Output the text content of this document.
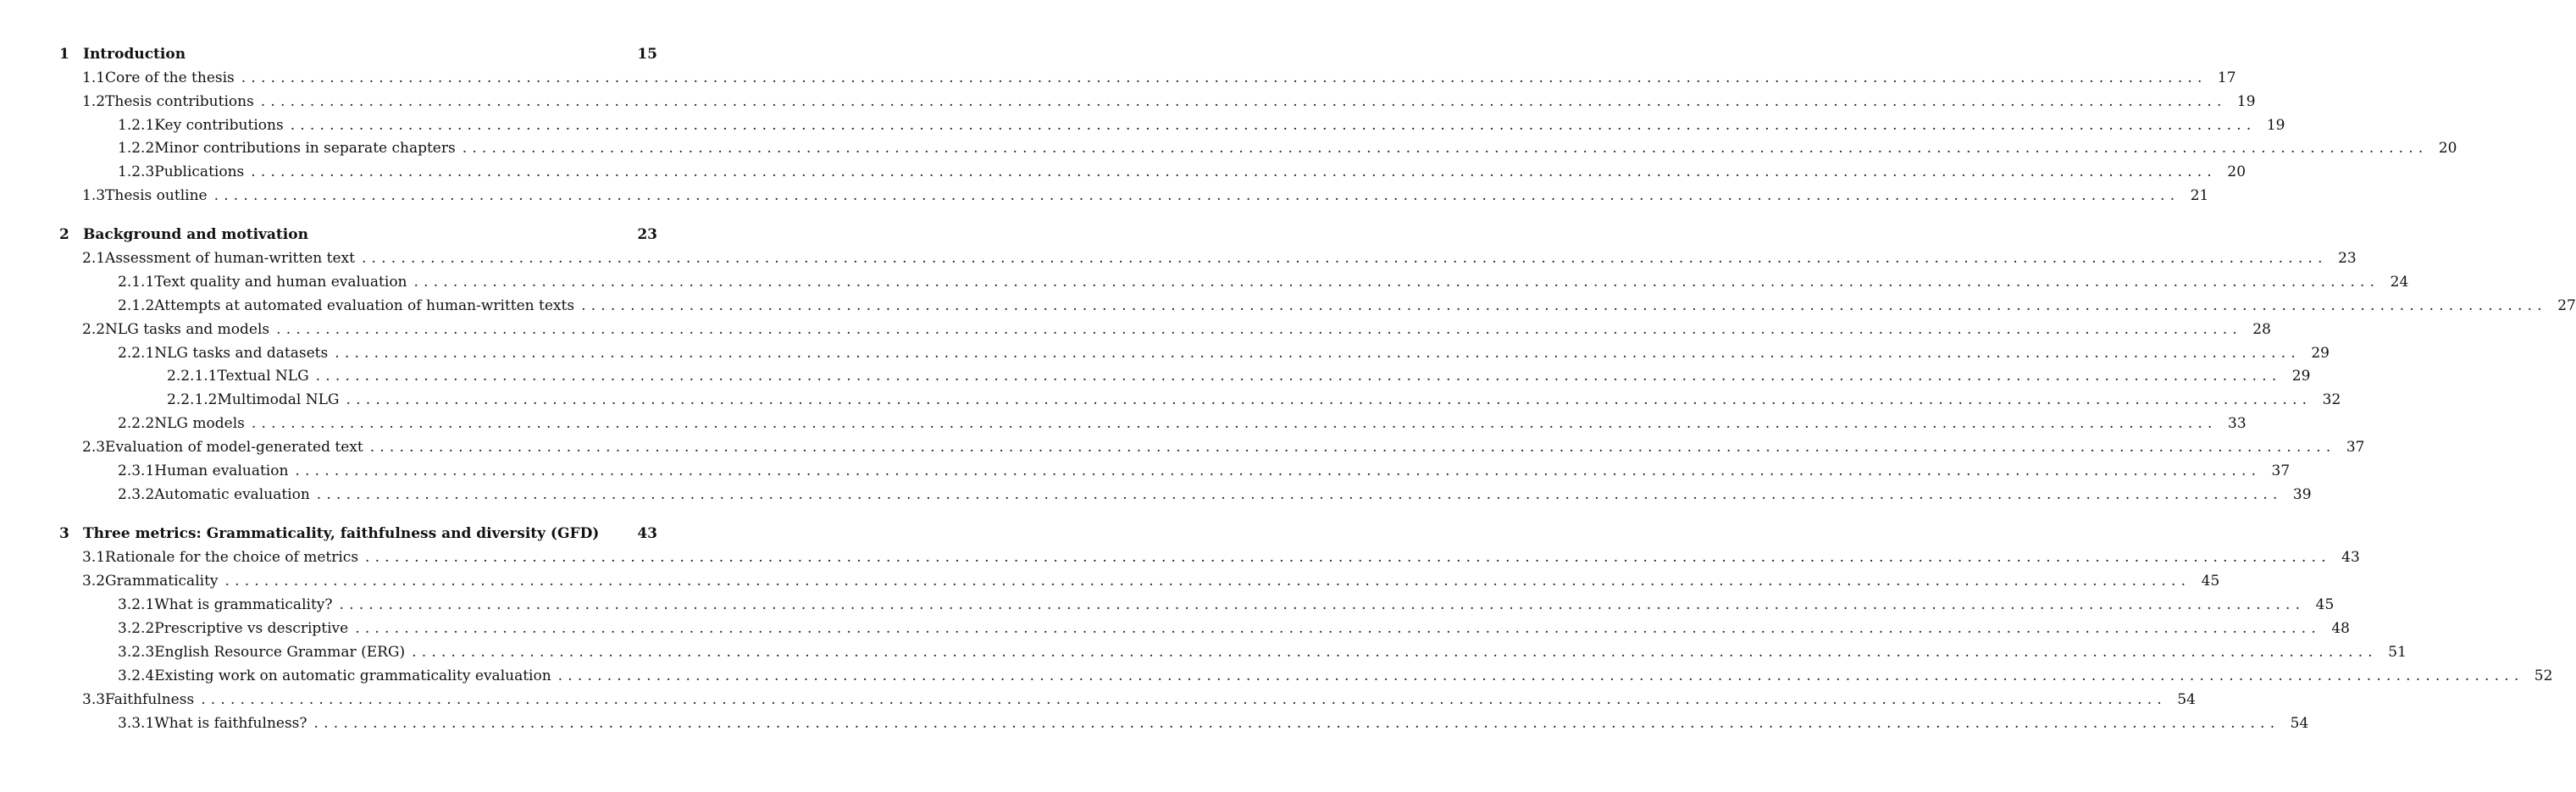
1 Introduction	15
1.1 Core of the thesis ........................................................................................................................................................................................................ 17
1.2 Thesis contributions ........................................................................................................................................................................................................ 19
1.2.1 Key contributions ........................................................................................................................................................................................................ 19
1.2.2 Minor contributions in separate chapters ........................................................................................................................................................................................................ 20
1.2.3 Publications ........................................................................................................................................................................................................ 20
1.3 Thesis outline ........................................................................................................................................................................................................ 21
2 Background and motivation	23
2.1 Assessment of human-written text ........................................................................................................................................................................................................ 23
2.1.1 Text quality and human evaluation ........................................................................................................................................................................................................ 24
2.1.2 Attempts at automated evaluation of human-written texts ........................................................................................................................................................................................................ 27
2.2 NLG tasks and models ........................................................................................................................................................................................................ 28
2.2.1 NLG tasks and datasets ........................................................................................................................................................................................................ 29
2.2.1.1 Textual NLG ........................................................................................................................................................................................................ 29
2.2.1.2 Multimodal NLG ........................................................................................................................................................................................................ 32
2.2.2 NLG models ........................................................................................................................................................................................................ 33
2.3 Evaluation of model-generated text ........................................................................................................................................................................................................ 37
2.3.1 Human evaluation ........................................................................................................................................................................................................ 37
2.3.2 Automatic evaluation ........................................................................................................................................................................................................ 39
3 Three metrics: Grammaticality, faithfulness and diversity (GFD)	43
3.1 Rationale for the choice of metrics ........................................................................................................................................................................................................ 43
3.2 Grammaticality ........................................................................................................................................................................................................ 45
3.2.1 What is grammaticality? ........................................................................................................................................................................................................ 45
3.2.2 Prescriptive vs descriptive ........................................................................................................................................................................................................ 48
3.2.3 English Resource Grammar (ERG) ........................................................................................................................................................................................................ 51
3.2.4 Existing work on automatic grammaticality evaluation ........................................................................................................................................................................................................ 52
3.3 Faithfulness ........................................................................................................................................................................................................ 54
3.3.1 What is faithfulness? ........................................................................................................................................................................................................ 54
